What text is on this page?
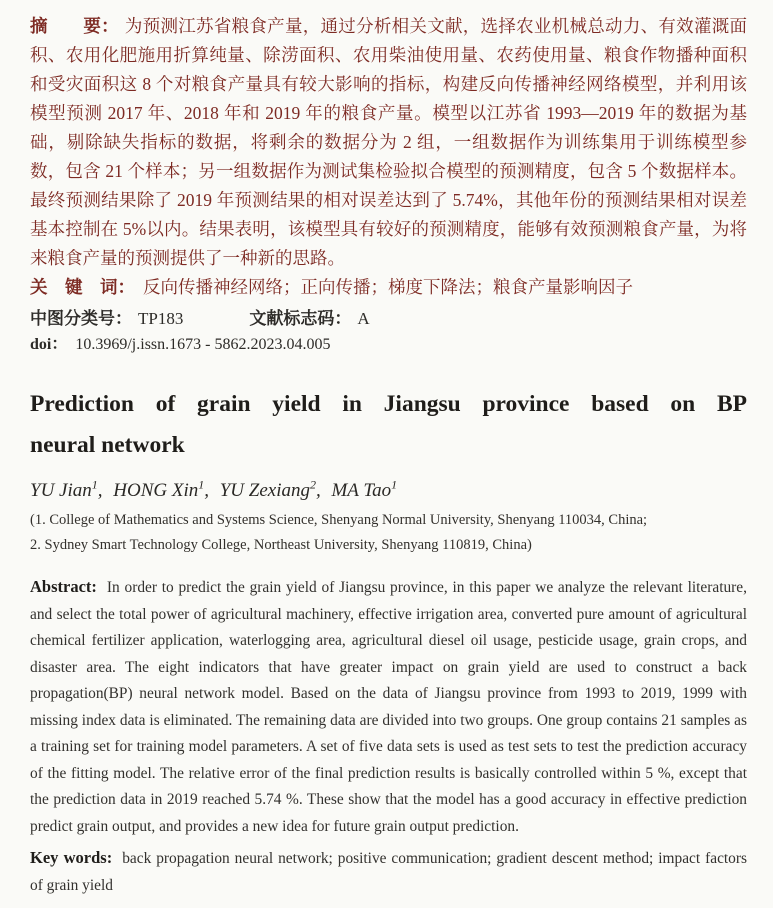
摘　　要： 为预测江苏省粮食产量，通过分析相关文献，选择农业机械总动力、有效灌溉面积、农用化肥施用折算纯量、除涝面积、农用柴油使用量、农药使用量、粮食作物播种面积和受灾面积这 8 个对粮食产量具有较大影响的指标，构建反向传播神经网络模型，并利用该模型预测 2017 年、2018 年和 2019 年的粮食产量。模型以江苏省 1993—2019 年的数据为基础，剔除缺失指标的数据，将剩余的数据分为 2 组，一组数据作为训练集用于训练模型参数，包含 21 个样本；另一组数据作为测试集检验拟合模型的预测精度，包含 5 个数据样本。最终预测结果除了 2019 年预测结果的相对误差达到了 5.74%，其他年份的预测结果相对误差基本控制在 5%以内。结果表明，该模型具有较好的预测精度，能够有效预测粮食产量，为将来粮食产量的预测提供了一种新的思路。

关　键　词： 反向传播神经网络；正向传播；梯度下降法；粮食产量影响因子

中图分类号： TP183	文献标志码： A

doi： 10.3969/j.issn.1673 - 5862.2023.04.005

Prediction of grain yield in Jiangsu province based on BP
neural network

YU Jian$^1$, HONG Xin$^1$, YU Zexiang$^2$, MA Tao$^1$

(1. College of Mathematics and Systems Science, Shenyang Normal University, Shenyang 110034, China;
2. Sydney Smart Technology College, Northeast University, Shenyang 110819, China)

Abstract: In order to predict the grain yield of Jiangsu province, in this paper we analyze the relevant literature, and select the total power of agricultural machinery, effective irrigation area, converted pure amount of agricultural chemical fertilizer application, waterlogging area, agricultural diesel oil usage, pesticide usage, grain crops, and disaster area. The eight indicators that have greater impact on grain yield are used to construct a back propagation(BP) neural network model. Based on the data of Jiangsu province from 1993 to 2019, 1999 with missing index data is eliminated. The remaining data are divided into two groups. One group contains 21 samples as a training set for training model parameters. A set of five data sets is used as test sets to test the prediction accuracy of the fitting model. The relative error of the final prediction results is basically controlled within 5 %, except that the prediction data in 2019 reached 5.74 %. These show that the model has a good accuracy in effective prediction predict grain output, and provides a new idea for future grain output prediction.

Key words: back propagation neural network; positive communication; gradient descent method; impact factors of grain yield
